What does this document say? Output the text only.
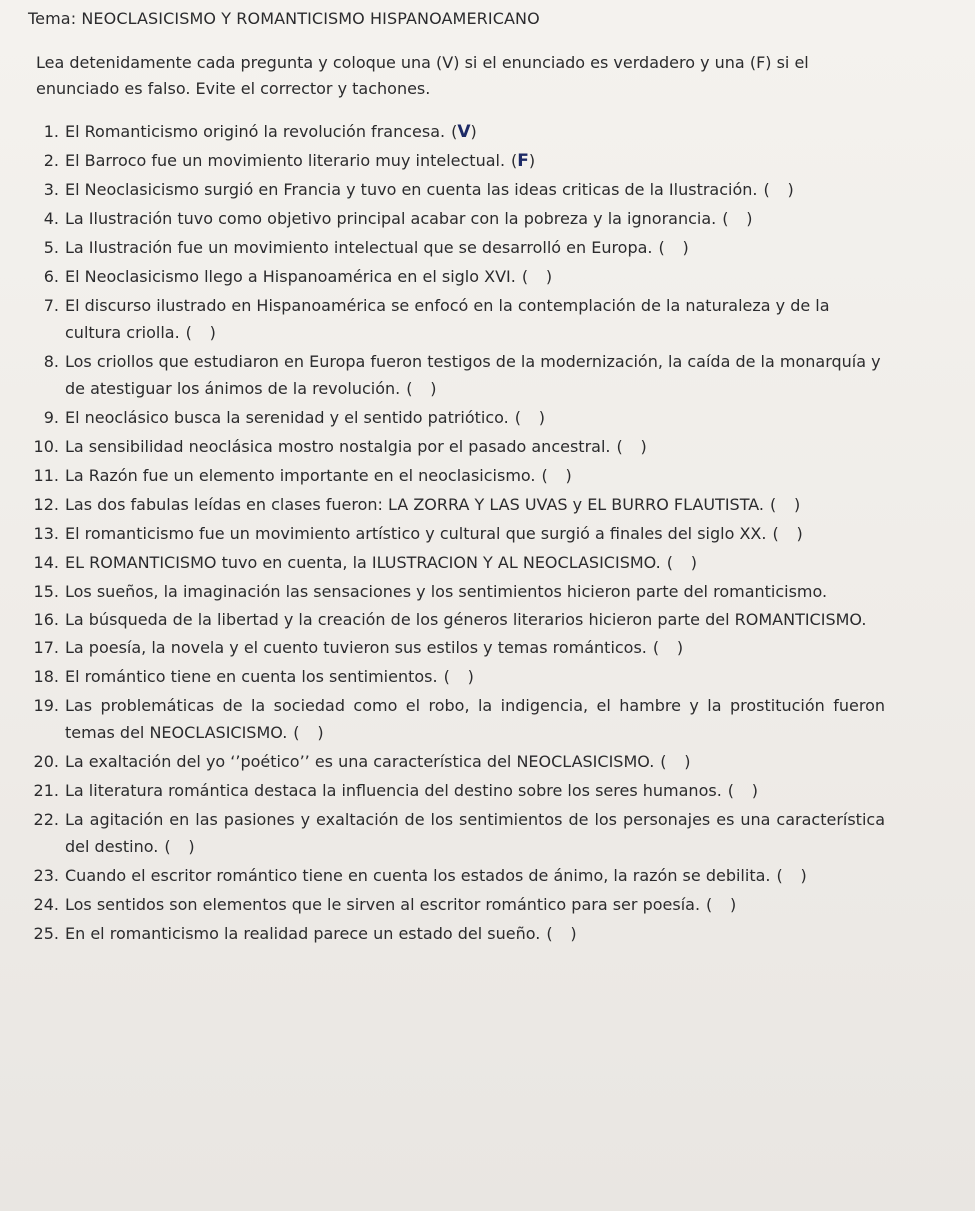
Tema: NEOCLASICISMO Y ROMANTICISMO HISPANOAMERICANO
Lea detenidamente cada pregunta y coloque una (V) si el enunciado es verdadero y una (F) si el enunciado es falso. Evite el corrector y tachones.
1. El Romanticismo originó la revolución francesa. (V)
2. El Barroco fue un movimiento literario muy intelectual. (F)
3. El Neoclasicismo surgió en Francia y tuvo en cuenta las ideas criticas de la Ilustración. ( )
4. La Ilustración tuvo como objetivo principal acabar con la pobreza y la ignorancia. ( )
5. La Ilustración fue un movimiento intelectual que se desarrolló en Europa. ( )
6. El Neoclasicismo llego a Hispanoamérica en el siglo XVI. ( )
7. El discurso ilustrado en Hispanoamérica se enfocó en la contemplación de la naturaleza y de la cultura criolla. ( )
8. Los criollos que estudiaron en Europa fueron testigos de la modernización, la caída de la monarquía y de atestiguar los ánimos de la revolución. ( )
9. El neoclásico busca la serenidad y el sentido patriótico. ( )
10. La sensibilidad neoclásica mostro nostalgia por el pasado ancestral. ( )
11. La Razón fue un elemento importante en el neoclasicismo. ( )
12. Las dos fabulas leídas en clases fueron: LA ZORRA Y LAS UVAS y EL BURRO FLAUTISTA. ( )
13. El romanticismo fue un movimiento artístico y cultural que surgió a finales del siglo XX. ( )
14. EL ROMANTICISMO tuvo en cuenta, la ILUSTRACION Y AL NEOCLASICISMO. ( )
15. Los sueños, la imaginación las sensaciones y los sentimientos hicieron parte del romanticismo.
16. La búsqueda de la libertad y la creación de los géneros literarios hicieron parte del ROMANTICISMO.
17. La poesía, la novela y el cuento tuvieron sus estilos y temas románticos. ( )
18. El romántico tiene en cuenta los sentimientos. ( )
19. Las problemáticas de la sociedad como el robo, la indigencia, el hambre y la prostitución fueron temas del NEOCLASICISMO. ( )
20. La exaltación del yo ‘’poético’’ es una característica del NEOCLASICISMO. ( )
21. La literatura romántica destaca la influencia del destino sobre los seres humanos. ( )
22. La agitación en las pasiones y exaltación de los sentimientos de los personajes es una característica del destino. ( )
23. Cuando el escritor romántico tiene en cuenta los estados de ánimo, la razón se debilita. ( )
24. Los sentidos son elementos que le sirven al escritor romántico para ser poesía. ( )
25. En el romanticismo la realidad parece un estado del sueño. ( )
